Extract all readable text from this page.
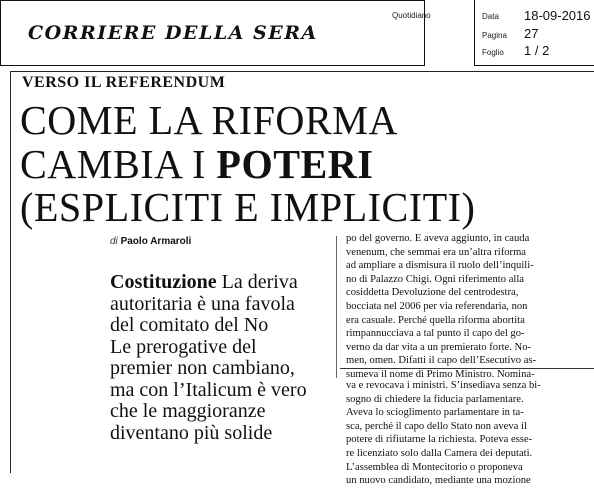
CORRIERE DELLA SERA
Quotidiano	Data 18-09-2016
Pagina 27
Foglio 1 / 2
VERSO IL REFERENDUM
COME LA RIFORMA
CAMBIA I POTERI
(ESPLICITI E IMPLICITI)
di Paolo Armaroli
Costituzione La deriva
autoritaria è una favola
del comitato del No
Le prerogative del
premier non cambiano,
ma con l’Italicum è vero
che le maggioranze
diventano più solide
po del governo. E aveva aggiunto, in cauda
venenum, che semmai era un’altra riforma
ad ampliare a dismisura il ruolo dell’inquili-
no di Palazzo Chigi. Ogni riferimento alla
cosiddetta Devoluzione del centrodestra,
bocciata nel 2006 per via referendaria, non
era casuale. Perché quella riforma abortita
rimpannucciava a tal punto il capo del go-
verno da dar vita a un premierato forte. No-
men, omen. Difatti il capo dell’Esecutivo as-
sumeva il nome di Primo Ministro. Nomina-
va e revocava i ministri. S’insediava senza bi-
sogno di chiedere la fiducia parlamentare.
Aveva lo scioglimento parlamentare in ta-
sca, perché il capo dello Stato non aveva il
potere di rifiutarne la richiesta. Poteva esse-
re licenziato solo dalla Camera dei deputati.
L’assemblea di Montecitorio o proponeva
un nuovo candidato, mediante una mozione
